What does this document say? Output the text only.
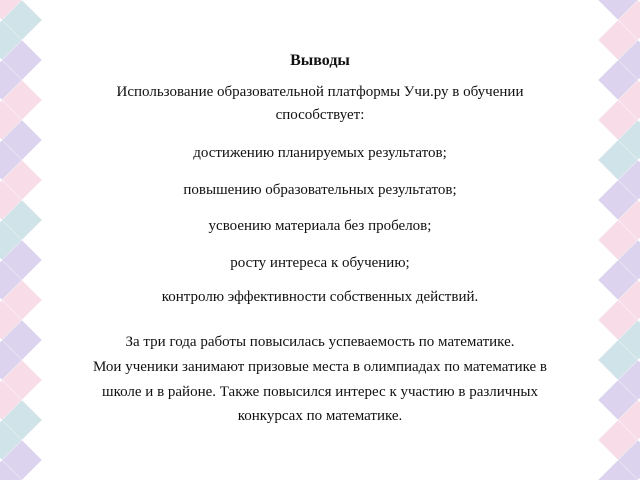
Выводы
Использование образовательной платформы Учи.ру в обучении
способствует:
достижению планируемых результатов;
повышению образовательных результатов;
усвоению материала без пробелов;
росту интереса к обучению;
контролю эффективности собственных действий.
За три года работы повысилась успеваемость по математике.
Мои ученики занимают призовые места в олимпиадах по математике в
школе и в районе. Также повысился интерес к участию в различных
конкурсах по математике.
